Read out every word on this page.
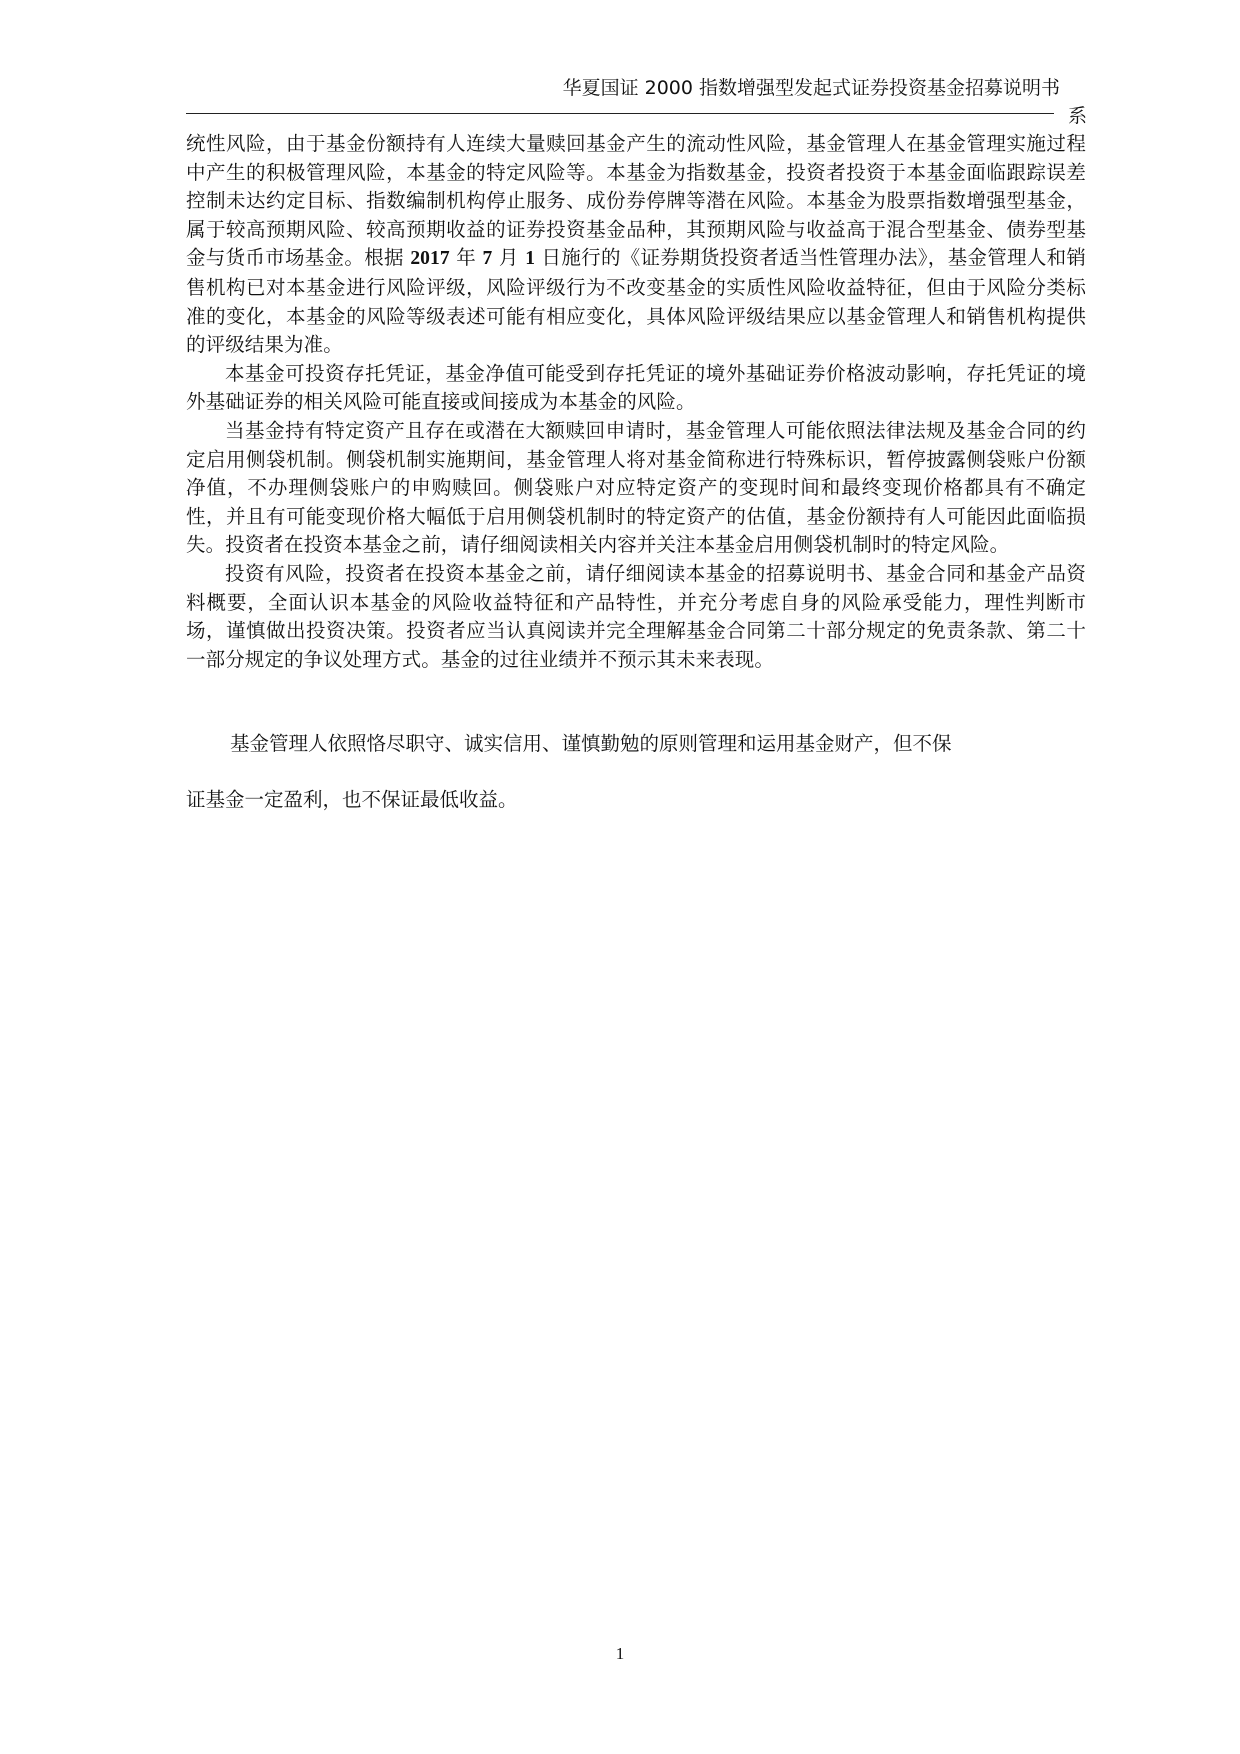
华夏国证 2000 指数增强型发起式证券投资基金招募说明书
系

统性风险，由于基金份额持有人连续大量赎回基金产生的流动性风险，基金管理人在基金管理实施过程中产生的积极管理风险，本基金的特定风险等。本基金为指数基金，投资者投资于本基金面临跟踪误差控制未达约定目标、指数编制机构停止服务、成份券停牌等潜在风险。本基金为股票指数增强型基金，属于较高预期风险、较高预期收益的证券投资基金品种，其预期风险与收益高于混合型基金、债券型基金与货币市场基金。根据 2017 年 7 月 1 日施行的《证券期货投资者适当性管理办法》，基金管理人和销售机构已对本基金进行风险评级，风险评级行为不改变基金的实质性风险收益特征，但由于风险分类标准的变化，本基金的风险等级表述可能有相应变化，具体风险评级结果应以基金管理人和销售机构提供的评级结果为准。

本基金可投资存托凭证，基金净值可能受到存托凭证的境外基础证券价格波动影响，存托凭证的境外基础证券的相关风险可能直接或间接成为本基金的风险。

当基金持有特定资产且存在或潜在大额赎回申请时，基金管理人可能依照法律法规及基金合同的约定启用侧袋机制。侧袋机制实施期间，基金管理人将对基金简称进行特殊标识，暂停披露侧袋账户份额净值，不办理侧袋账户的申购赎回。侧袋账户对应特定资产的变现时间和最终变现价格都具有不确定性，并且有可能变现价格大幅低于启用侧袋机制时的特定资产的估值，基金份额持有人可能因此面临损失。投资者在投资本基金之前，请仔细阅读相关内容并关注本基金启用侧袋机制时的特定风险。

投资有风险，投资者在投资本基金之前，请仔细阅读本基金的招募说明书、基金合同和基金产品资料概要，全面认识本基金的风险收益特征和产品特性，并充分考虑自身的风险承受能力，理性判断市场，谨慎做出投资决策。投资者应当认真阅读并完全理解基金合同第二十部分规定的免责条款、第二十一部分规定的争议处理方式。基金的过往业绩并不预示其未来表现。

基金管理人依照恪尽职守、诚实信用、谨慎勤勉的原则管理和运用基金财产，但不保
证基金一定盈利，也不保证最低收益。
1
